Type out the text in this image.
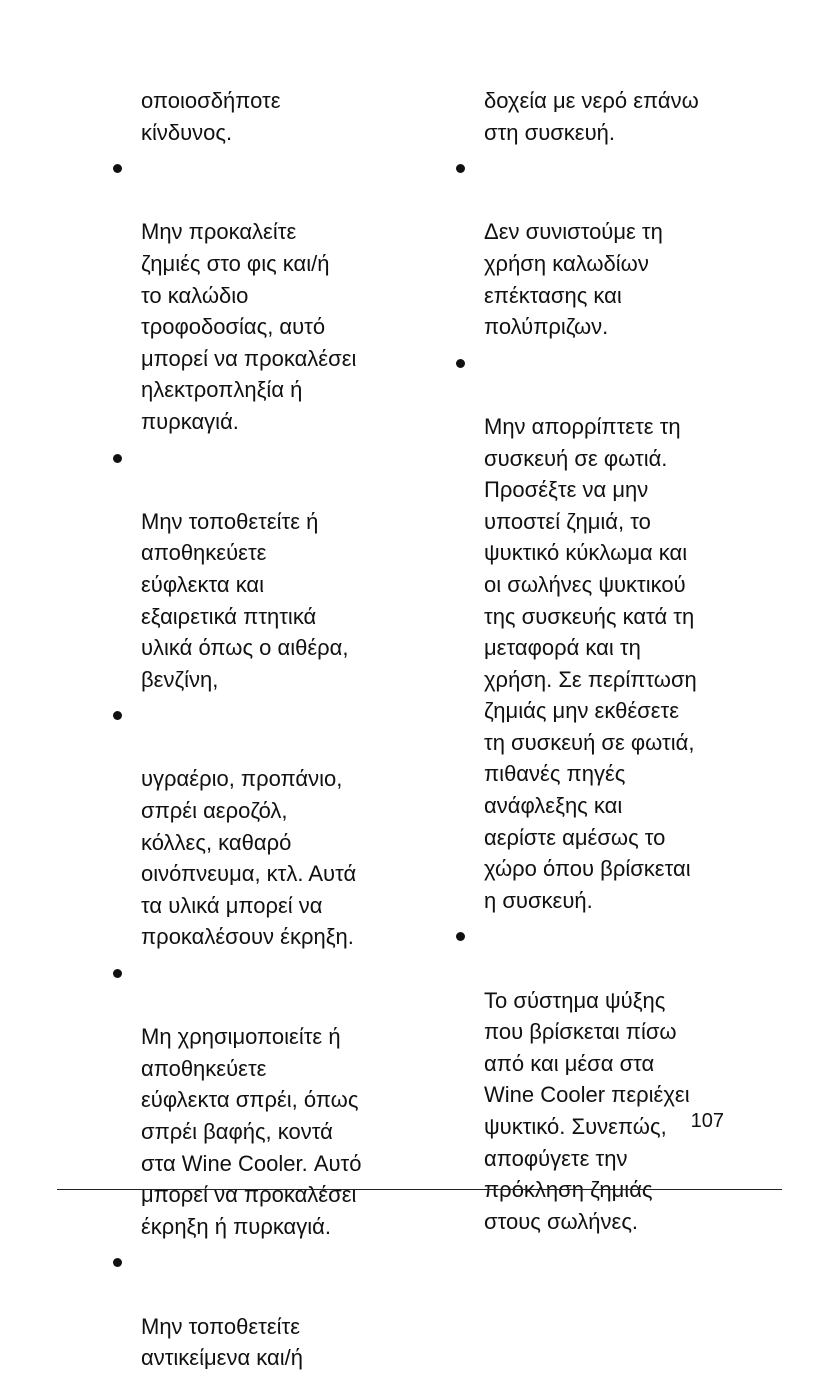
οποιοσδήποτε
κίνδυνος.

Μην προκαλείτε
ζημιές στο φις και/ή
το καλώδιο
τροφοδοσίας, αυτό
μπορεί να προκαλέσει
ηλεκτροπληξία ή
πυρκαγιά.

Μην τοποθετείτε ή
αποθηκεύετε
εύφλεκτα και
εξαιρετικά πτητικά
υλικά όπως ο αιθέρα,
βενζίνη,

υγραέριο, προπάνιο,
σπρέι αεροζόλ,
κόλλες, καθαρό
οινόπνευμα, κτλ. Αυτά
τα υλικά μπορεί να
προκαλέσουν έκρηξη.

Μη χρησιμοποιείτε ή
αποθηκεύετε
εύφλεκτα σπρέι, όπως
σπρέι βαφής, κοντά
στα Wine Cooler. Αυτό
μπορεί να προκαλέσει
έκρηξη ή πυρκαγιά.

Μην τοποθετείτε
αντικείμενα και/ή

δοχεία με νερό επάνω
στη συσκευή.

Δεν συνιστούμε τη
χρήση καλωδίων
επέκτασης και
πολύπριζων.

Μην απορρίπτετε τη
συσκευή σε φωτιά.
Προσέξτε να μην
υποστεί ζημιά, το
ψυκτικό κύκλωμα και
οι σωλήνες ψυκτικού
της συσκευής κατά τη
μεταφορά και τη
χρήση. Σε περίπτωση
ζημιάς μην εκθέσετε
τη συσκευή σε φωτιά,
πιθανές πηγές
ανάφλεξης και
αερίστε αμέσως το
χώρο όπου βρίσκεται
η συσκευή.

Το σύστημα ψύξης
που βρίσκεται πίσω
από και μέσα στα
Wine Cooler περιέχει
ψυκτικό. Συνεπώς,
αποφύγετε την
πρόκληση ζημιάς
στους σωλήνες.

107
